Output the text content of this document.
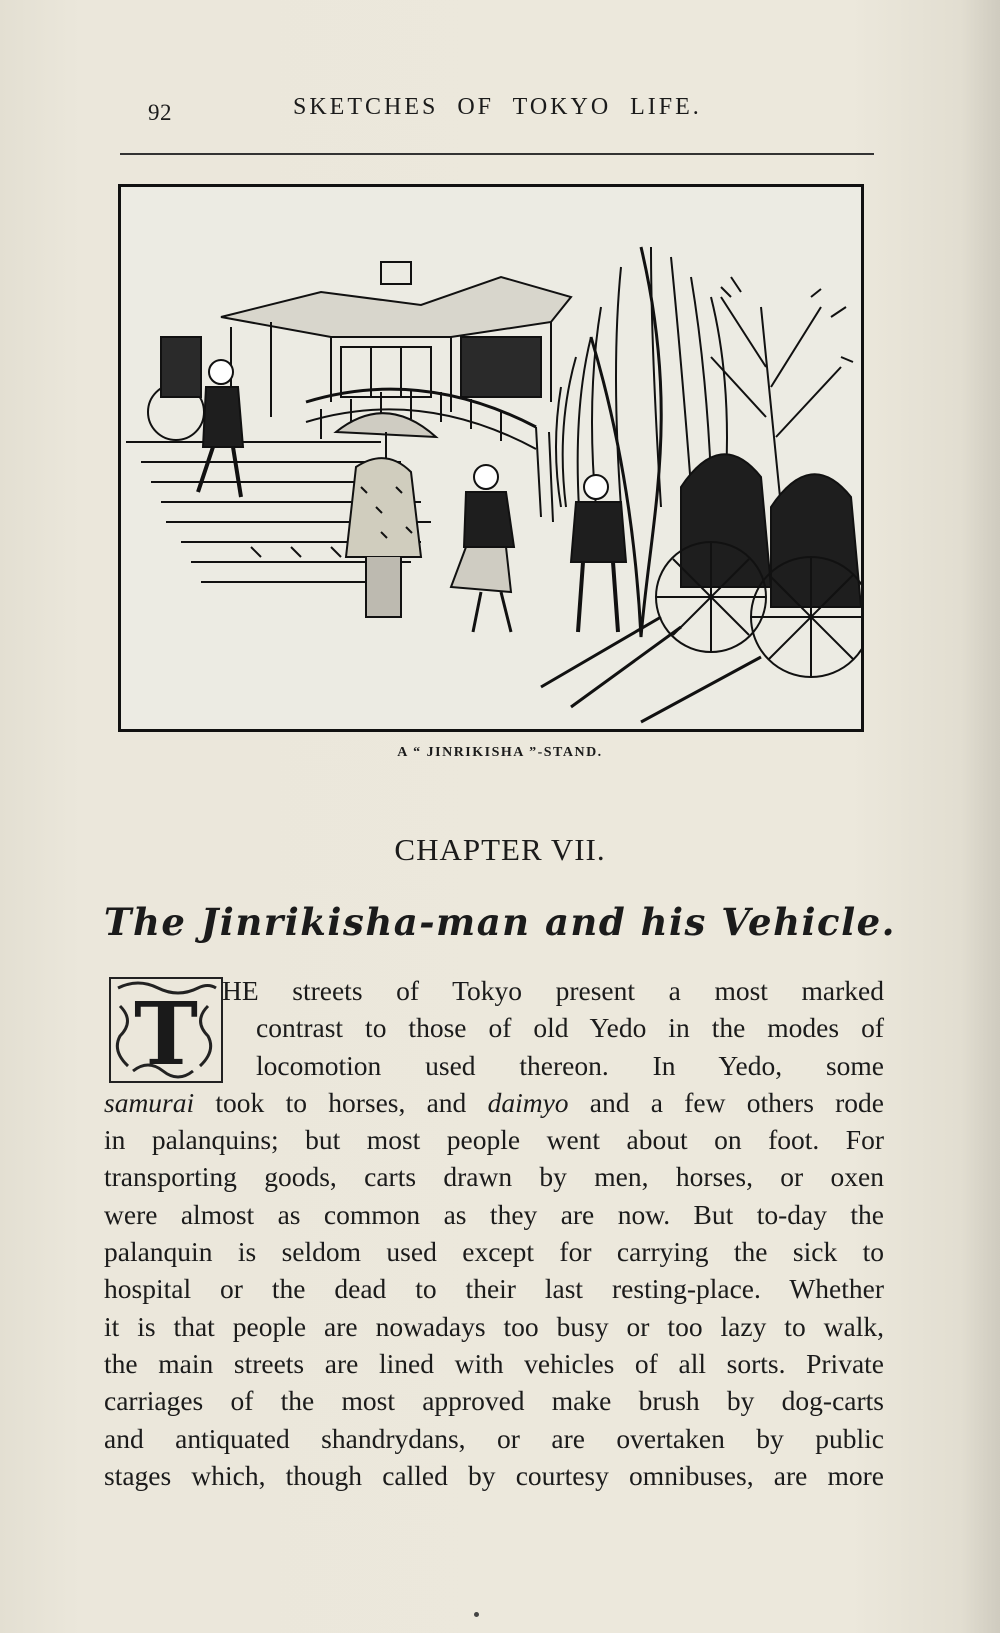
92	SKETCHES OF TOKYO LIFE.
A “ JINRIKISHA ”-STAND.
CHAPTER VII.
The Jinrikisha-man and his Vehicle.
T HE streets of Tokyo present a most marked
contrast to those of old Yedo in the modes of
locomotion used thereon. In Yedo, some
samurai took to horses, and daimyo and a few others rode
in palanquins; but most people went about on foot. For
transporting goods, carts drawn by men, horses, or oxen
were almost as common as they are now. But to-day the
palanquin is seldom used except for carrying the sick to
hospital or the dead to their last resting-place. Whether
it is that people are nowadays too busy or too lazy to walk,
the main streets are lined with vehicles of all sorts. Private
carriages of the most approved make brush by dog-carts
and antiquated shandrydans, or are overtaken by public
stages which, though called by courtesy omnibuses, are more
